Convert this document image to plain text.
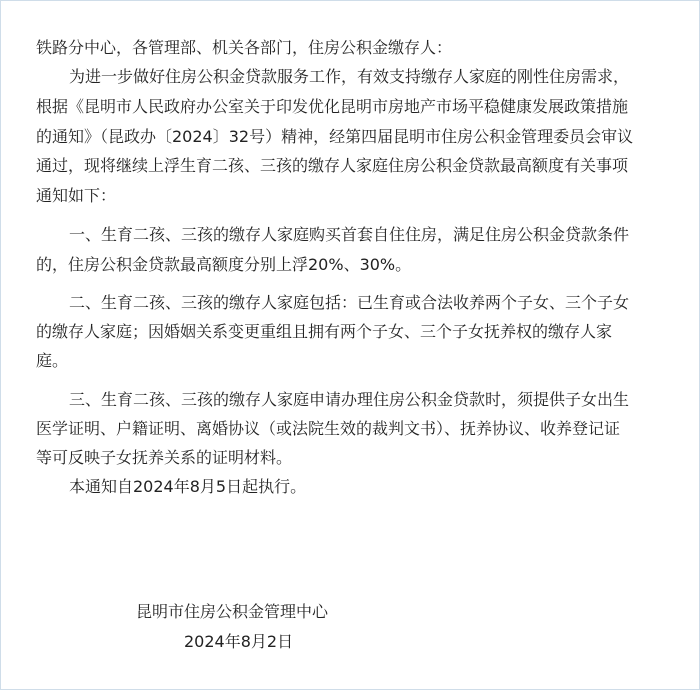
铁路分中心，各管理部、机关各部门，住房公积金缴存人：

为进一步做好住房公积金贷款服务工作，有效支持缴存人家庭的刚性住房需求，

根据《昆明市人民政府办公室关于印发优化昆明市房地产市场平稳健康发展政策措施

的通知》（昆政办〔2024〕32号）精神，经第四届昆明市住房公积金管理委员会审议

通过，现将继续上浮生育二孩、三孩的缴存人家庭住房公积金贷款最高额度有关事项

通知如下：

一、生育二孩、三孩的缴存人家庭购买首套自住住房，满足住房公积金贷款条件

的，住房公积金贷款最高额度分别上浮20%、30%。

二、生育二孩、三孩的缴存人家庭包括：已生育或合法收养两个子女、三个子女

的缴存人家庭；因婚姻关系变更重组且拥有两个子女、三个子女抚养权的缴存人家

庭。

三、生育二孩、三孩的缴存人家庭申请办理住房公积金贷款时，须提供子女出生

医学证明、户籍证明、离婚协议（或法院生效的裁判文书）、抚养协议、收养登记证

等可反映子女抚养关系的证明材料。

本通知自2024年8月5日起执行。

昆明市住房公积金管理中心

2024年8月2日
